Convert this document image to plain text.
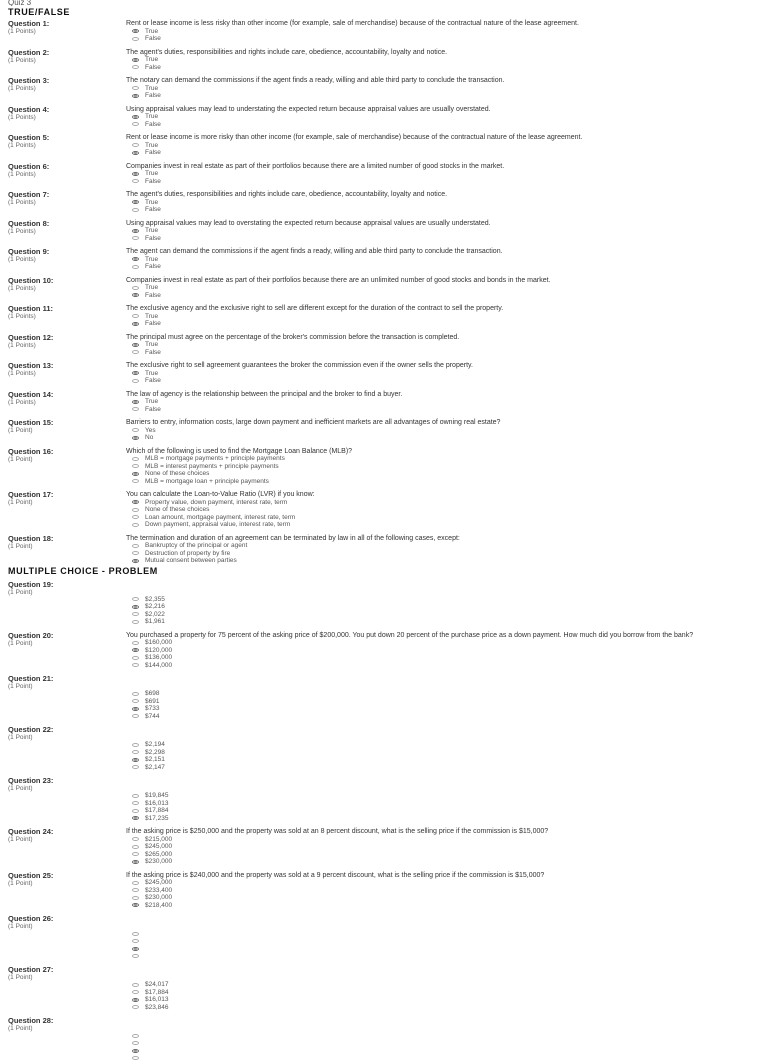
Quiz 3
TRUE/FALSE
Question 1:
(1 Points)
Rent or lease income is less risky than other income (for example, sale of merchandise) because of the contractual nature of the lease agreement.
True
False
Question 2:
(1 Points)
The agent's duties, responsibilities and rights include care, obedience, accountability, loyalty and notice.
True
False
Question 3:
(1 Points)
The notary can demand the commissions if the agent finds a ready, willing and able third party to conclude the transaction.
True
False
Question 4:
(1 Points)
Using appraisal values may lead to understating the expected return because appraisal values are usually overstated.
True
False
Question 5:
(1 Points)
Rent or lease income is more risky than other income (for example, sale of merchandise) because of the contractual nature of the lease agreement.
True
False
Question 6:
(1 Points)
Companies invest in real estate as part of their portfolios because there are a limited number of good stocks in the market.
True
False
Question 7:
(1 Points)
The agent's duties, responsibilities and rights include care, obedience, accountability, loyalty and notice.
True
False
Question 8:
(1 Points)
Using appraisal values may lead to overstating the expected return because appraisal values are usually understated.
True
False
Question 9:
(1 Points)
The agent can demand the commissions if the agent finds a ready, willing and able third party to conclude the transaction.
True
False
Question 10:
(1 Points)
Companies invest in real estate as part of their portfolios because there are an unlimited number of good stocks and bonds in the market.
True
False
Question 11:
(1 Points)
The exclusive agency and the exclusive right to sell are different except for the duration of the contract to sell the property.
True
False
Question 12:
(1 Points)
The principal must agree on the percentage of the broker's commission before the transaction is completed.
True
False
Question 13:
(1 Points)
The exclusive right to sell agreement guarantees the broker the commission even if the owner sells the property.
True
False
Question 14:
(1 Points)
The law of agency is the relationship between the principal and the broker to find a buyer.
True
False
Question 15:
(1 Point)
Barriers to entry, information costs, large down payment and inefficient markets are all advantages of owning real estate?
Yes
No
Question 16:
(1 Point)
Which of the following is used to find the Mortgage Loan Balance (MLB)?
MLB = mortgage payments + principle payments
MLB = interest payments + principle payments
None of these choices
MLB = mortgage loan + principle payments
Question 17:
(1 Point)
You can calculate the Loan-to-Value Ratio (LVR) if you know:
Property value, down payment, interest rate, term
None of these choices
Loan amount, mortgage payment, interest rate, term
Down payment, appraisal value, interest rate, term
Question 18:
(1 Point)
The termination and duration of an agreement can be terminated by law in all of the following cases, except:
Bankruptcy of the principal or agent
Destruction of property by fire
Mutual consent between parties
MULTIPLE CHOICE - PROBLEM
Question 19:
(1 Point)
$2,355
$2,216
$2,022
$1,961
Question 20:
(1 Point)
You purchased a property for 75 percent of the asking price of $200,000. You put down 20 percent of the purchase price as a down payment. How much did you borrow from the bank?
$160,000
$120,000
$136,000
$144,000
Question 21:
(1 Point)
$698
$691
$733
$744
Question 22:
(1 Point)
$2,194
$2,298
$2,151
$2,147
Question 23:
(1 Point)
$19,845
$16,013
$17,884
$17,235
Question 24:
(1 Point)
If the asking price is $250,000 and the property was sold at an 8 percent discount, what is the selling price if the commission is $15,000?
$215,000
$245,000
$265,000
$230,000
Question 25:
(1 Point)
If the asking price is $240,000 and the property was sold at a 9 percent discount, what is the selling price if the commission is $15,000?
$245,000
$233,400
$230,000
$218,400
Question 26:
(1 Point)
Question 27:
(1 Point)
$24,017
$17,884
$16,013
$23,846
Question 28:
(1 Point)
